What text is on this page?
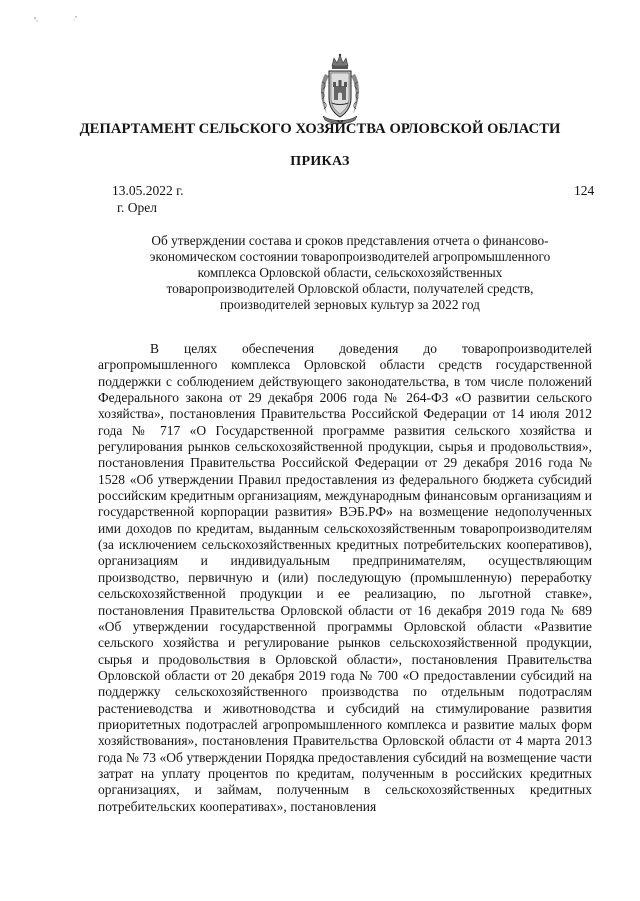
ДЕПАРТАМЕНТ СЕЛЬСКОГО ХОЗЯЙСТВА ОРЛОВСКОЙ ОБЛАСТИ
ПРИКАЗ
13.05.2022 г.
г. Орел
124
Об утверждении состава и сроков представления отчета о финансово-экономическом состоянии товаропроизводителей агропромышленного комплекса Орловской области, сельскохозяйственных товаропроизводителей Орловской области, получателей средств, производителей зерновых культур за 2022 год

В целях обеспечения доведения до товаропроизводителей агропромышленного комплекса Орловской области средств государственной поддержки с соблюдением действующего законодательства, в том числе положений Федерального закона от 29 декабря 2006 года № 264-ФЗ «О развитии сельского хозяйства», постановления Правительства Российской Федерации от 14 июля 2012 года № 717 «О Государственной программе развития сельского хозяйства и регулирования рынков сельскохозяйственной продукции, сырья и продовольствия», постановления Правительства Российской Федерации от 29 декабря 2016 года № 1528 «Об утверждении Правил предоставления из федерального бюджета субсидий российским кредитным организациям, международным финансовым организациям и государственной корпорации развития» ВЭБ.РФ» на возмещение недополученных ими доходов по кредитам, выданным сельскохозяйственным товаропроизводителям (за исключением сельскохозяйственных кредитных потребительских кооперативов), организациям и индивидуальным предпринимателям, осуществляющим производство, первичную и (или) последующую (промышленную) переработку сельскохозяйственной продукции и ее реализацию, по льготной ставке», постановления Правительства Орловской области от 16 декабря 2019 года № 689 «Об утверждении государственной программы Орловской области «Развитие сельского хозяйства и регулирование рынков сельскохозяйственной продукции, сырья и продовольствия в Орловской области», постановления Правительства Орловской области от 20 декабря 2019 года № 700 «О предоставлении субсидий на поддержку сельскохозяйственного производства по отдельным подотраслям растениеводства и животноводства и субсидий на стимулирование развития приоритетных подотраслей агропромышленного комплекса и развитие малых форм хозяйствования», постановления Правительства Орловской области от 4 марта 2013 года № 73 «Об утверждении Порядка предоставления субсидий на возмещение части затрат на уплату процентов по кредитам, полученным в российских кредитных организациях, и займам, полученным в сельскохозяйственных кредитных потребительских кооперативах», постановления
